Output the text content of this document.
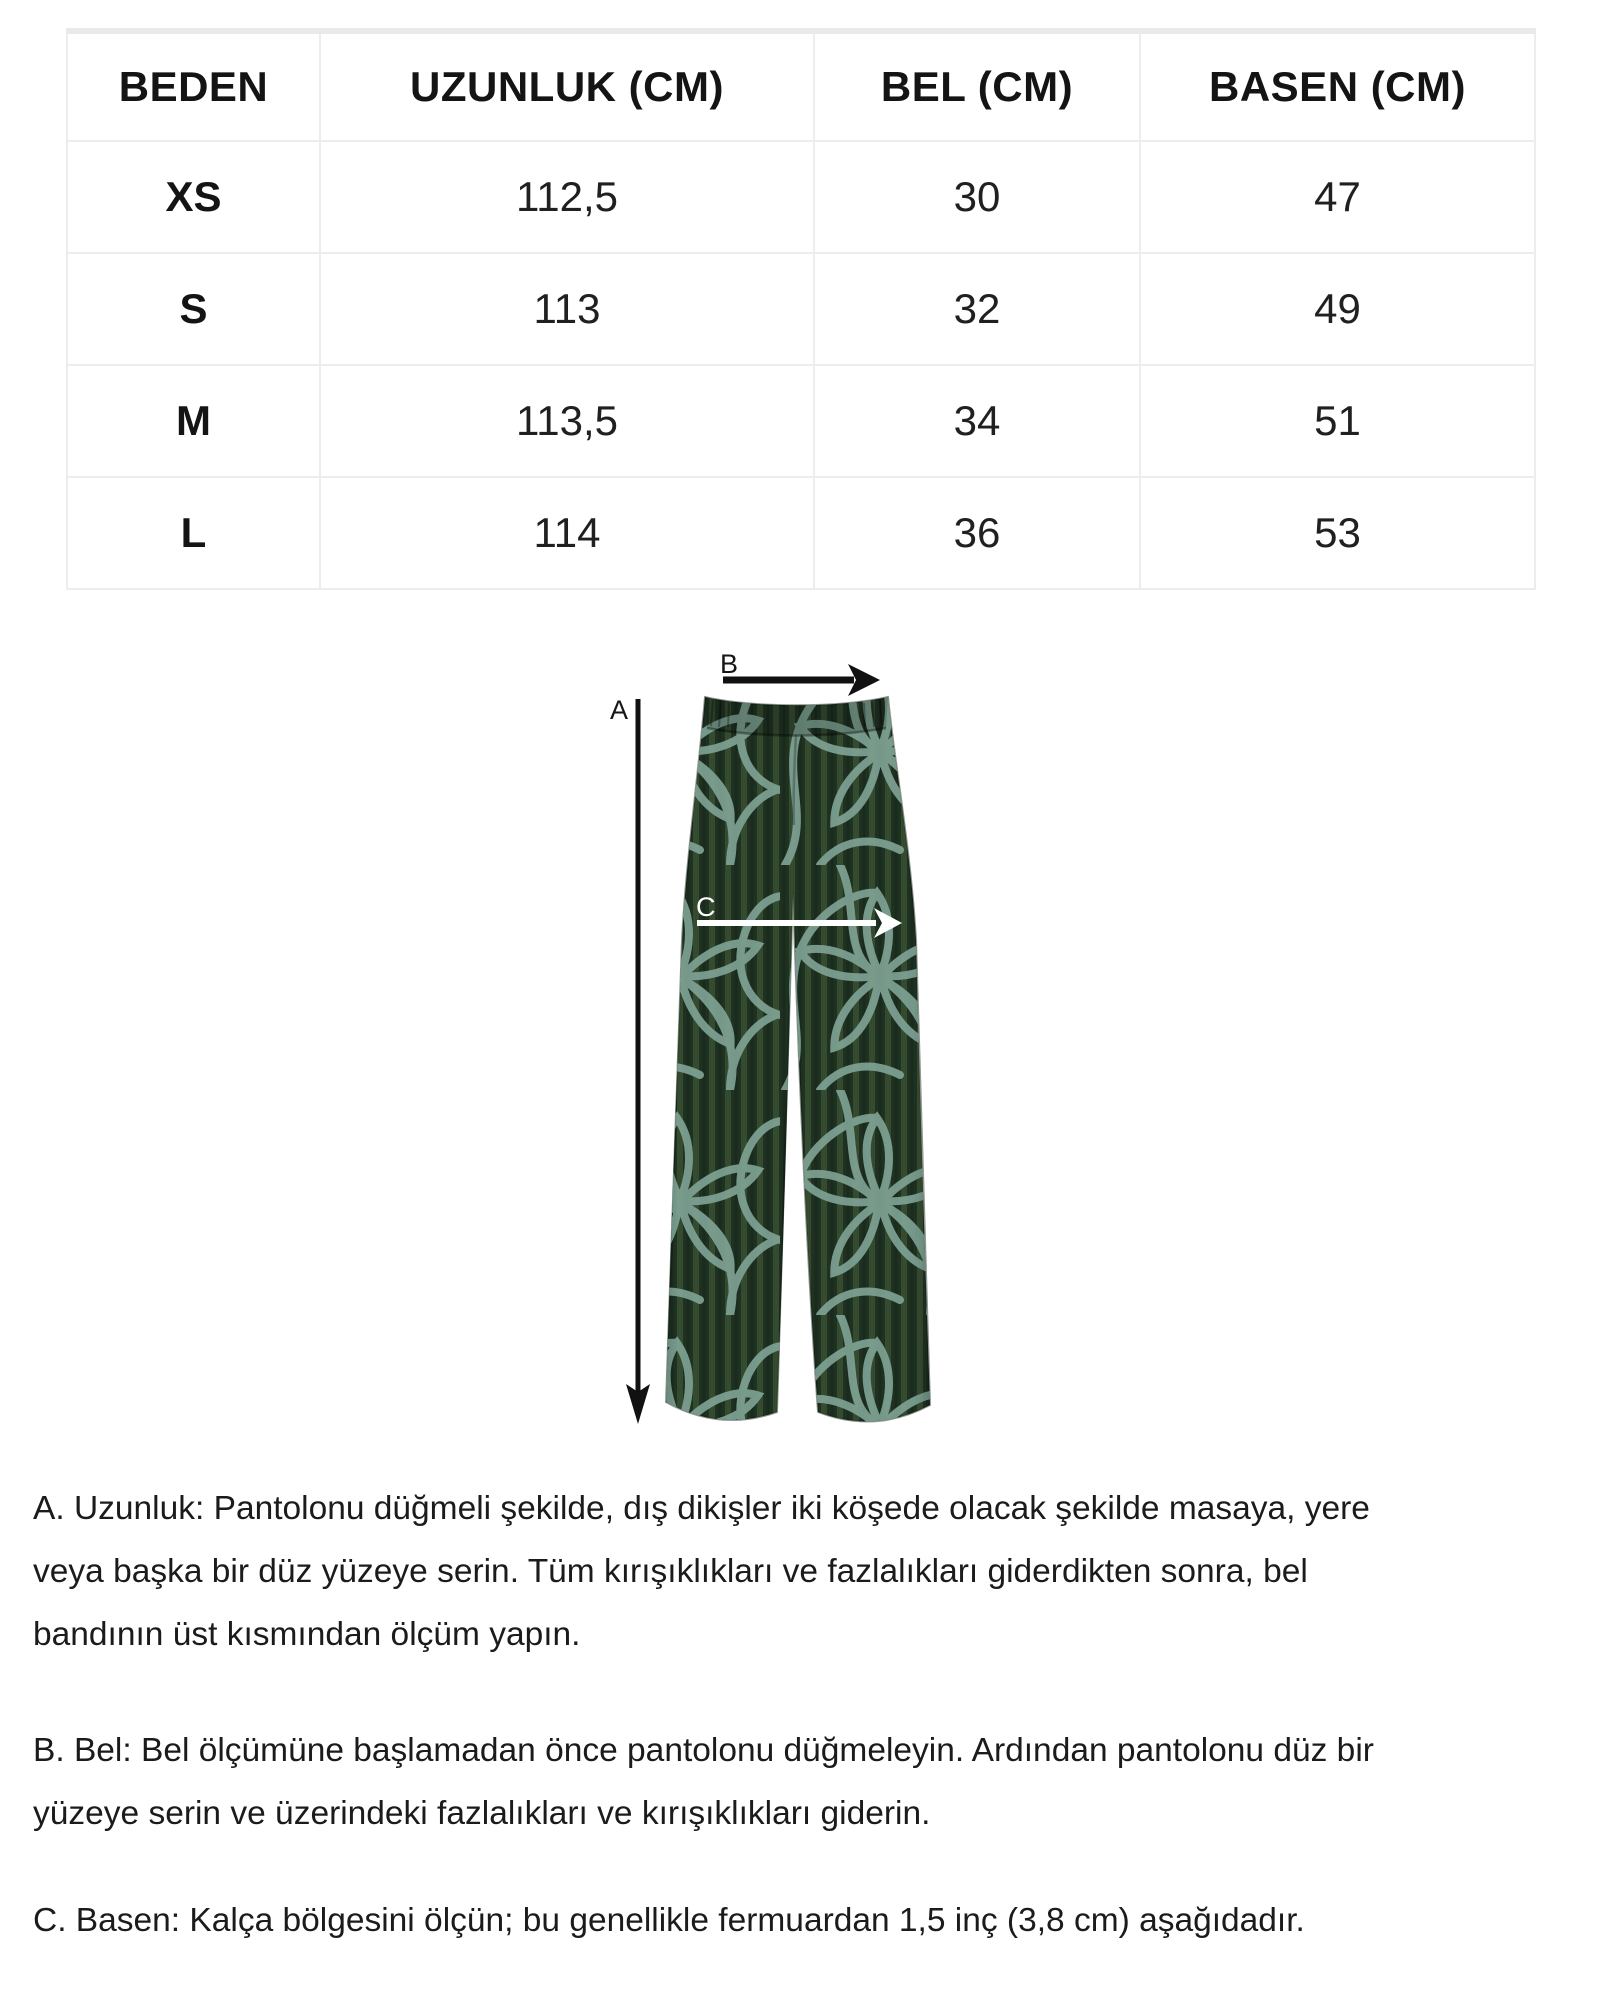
BEDEN	UZUNLUK (CM)	BEL (CM)	BASEN (CM)
XS	112,5	30	47
S	113	32	49
M	113,5	34	51
L	114	36	53
A
B
C
A. Uzunluk: Pantolonu düğmeli şekilde, dış dikişler iki köşede olacak şekilde masaya, yere
veya başka bir düz yüzeye serin. Tüm kırışıklıkları ve fazlalıkları giderdikten sonra, bel
bandının üst kısmından ölçüm yapın.
B. Bel: Bel ölçümüne başlamadan önce pantolonu düğmeleyin. Ardından pantolonu düz bir
yüzeye serin ve üzerindeki fazlalıkları ve kırışıklıkları giderin.
C. Basen: Kalça bölgesini ölçün; bu genellikle fermuardan 1,5 inç (3,8 cm) aşağıdadır.
